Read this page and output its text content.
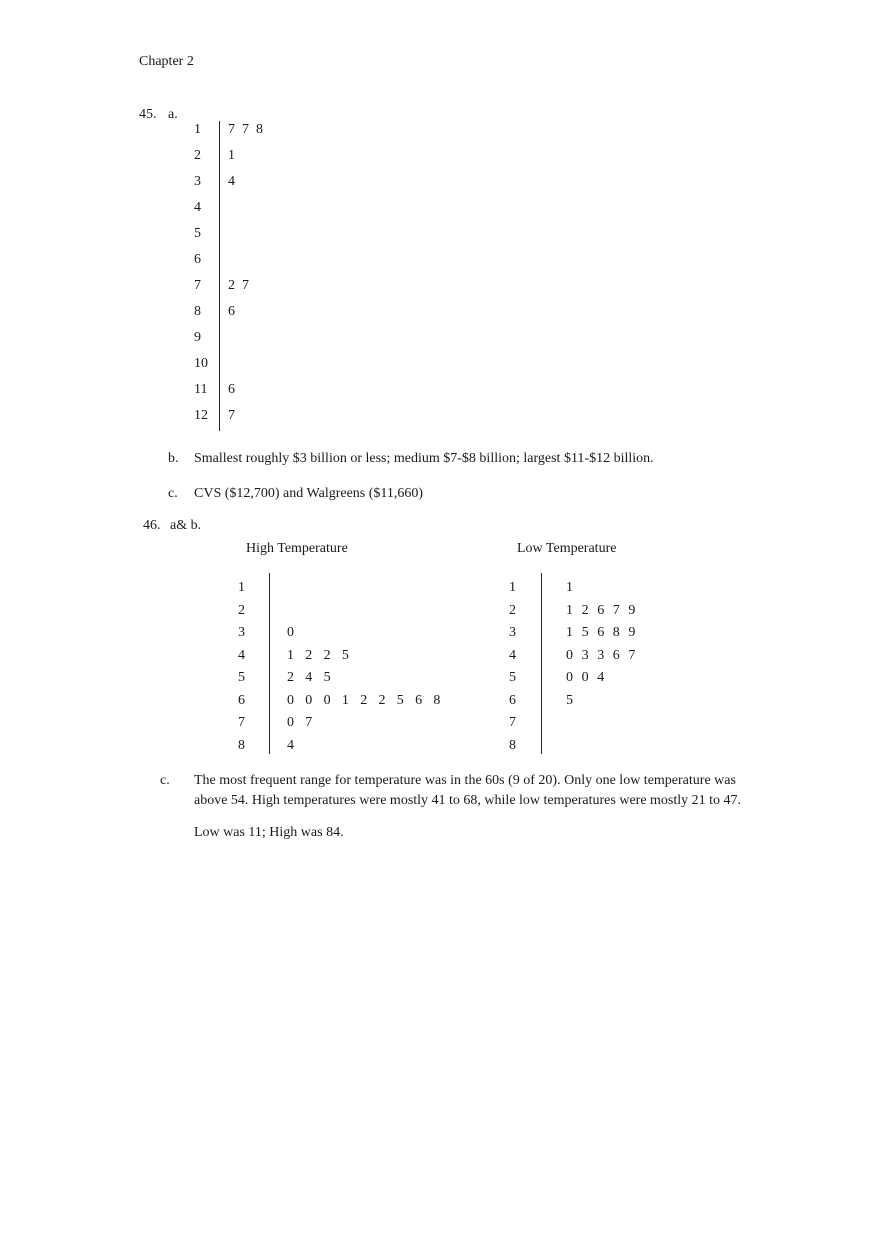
Chapter 2
45. a.
1 7 7 8
2 1
3 4
4
5
6
7 2 7
8 6
9
10
11 6
12 7
b. Smallest roughly $3 billion or less; medium $7-$8 billion; largest $11-$12 billion.
c. CVS ($12,700) and Walgreens ($11,660)
46. a& b.
High Temperature	Low Temperature
1
2
3	0
4	1 2 2 5
5	2 4 5
6	0 0 0 1 2 2 5 6 8
7	0 7
8	4
1	1
2	1 2 6 7 9
3	1 5 6 8 9
4	0 3 3 6 7
5	0 0 4
6	5
7
8
c. The most frequent range for temperature was in the 60s (9 of 20). Only one low temperature was above 54. High temperatures were mostly 41 to 68, while low temperatures were mostly 21 to 47.
Low was 11; High was 84.
